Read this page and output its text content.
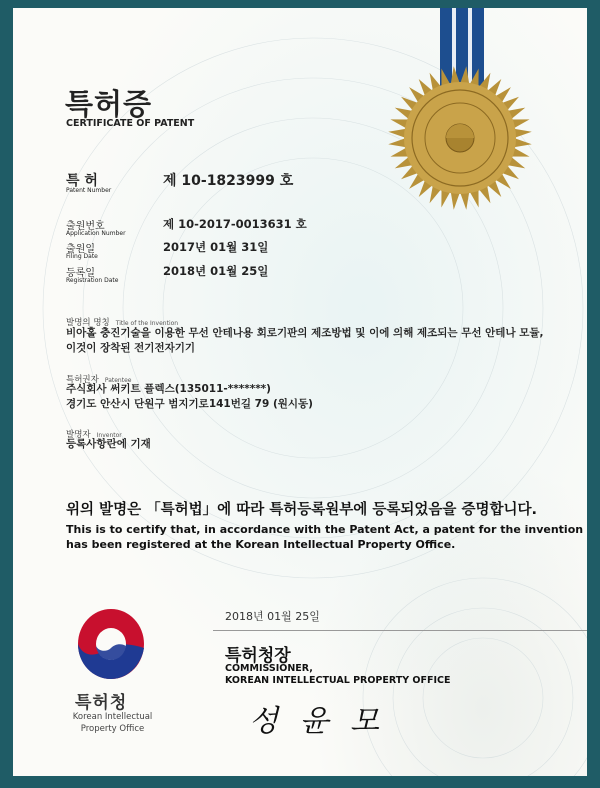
특허증
CERTIFICATE OF PATENT
특 허
Patent Number
제 10-1823999 호
출원번호
Application Number
제 10-2017-0013631 호
출원일
Filing Date
2017년 01월 31일
등록일
Registration Date
2018년 01월 25일
발명의 명칭 Title of the Invention
비아홀 충진기술을 이용한 무선 안테나용 회로기판의 제조방법 및 이에 의해 제조되는 무선 안테나 모듈,
이것이 장착된 전기전자기기
특허권자 Patentee
주식회사 써키트 플렉스(135011-*******)
경기도 안산시 단원구 범지기로141번길 79 (원시동)
발명자 Inventor
등록사항란에 기재
위의 발명은 「특허법」에 따라 특허등록원부에 등록되었음을 증명합니다.
This is to certify that, in accordance with the Patent Act, a patent for the invention
has been registered at the Korean Intellectual Property Office.
2018년 01월 25일
특허청장
COMMISSIONER,
KOREAN INTELLECTUAL PROPERTY OFFICE
성 윤 모
특허청
Korean Intellectual
Property Office
